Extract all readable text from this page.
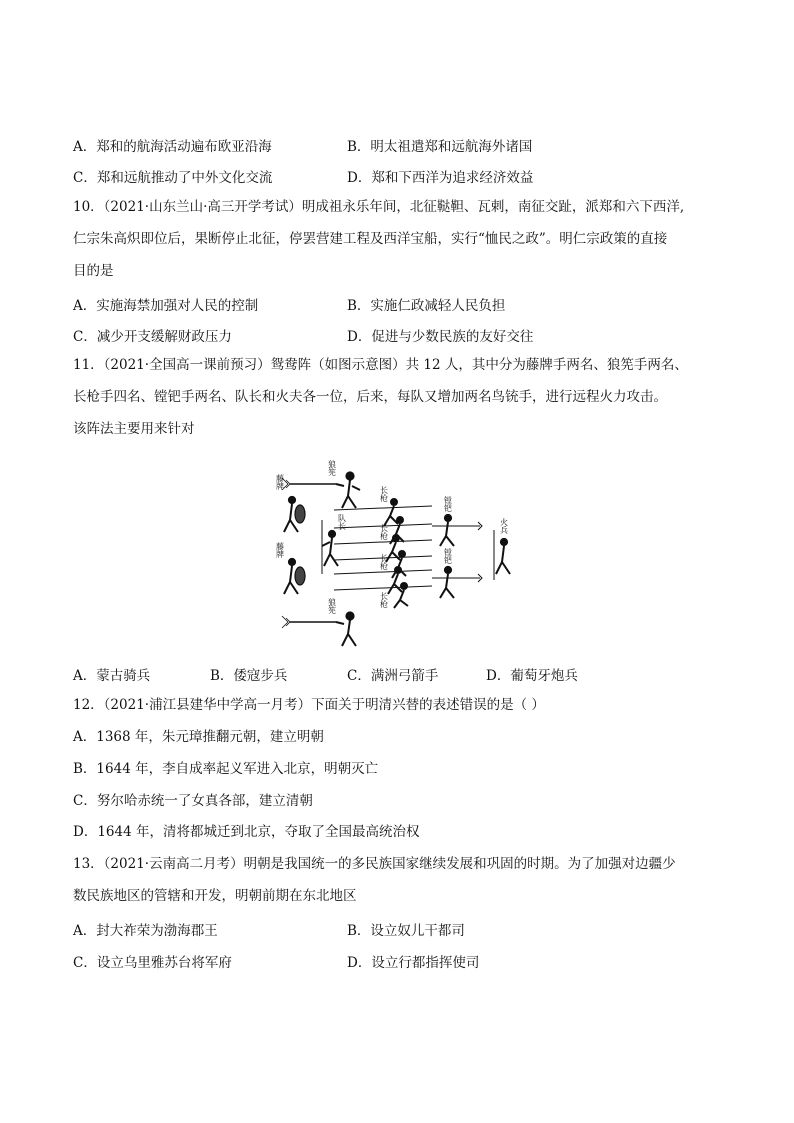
A．郑和的航海活动遍布欧亚沿海	B．明太祖遣郑和远航海外诸国
C．郑和远航推动了中外文化交流	D．郑和下西洋为追求经济效益
10．（2021·山东兰山·高三开学考试）明成祖永乐年间，北征鞑靼、瓦剌，南征交趾，派郑和六下西洋,
仁宗朱高炽即位后，果断停止北征，停罢营建工程及西洋宝船，实行“恤民之政”。明仁宗政策的直接
目的是
A．实施海禁加强对人民的控制	B．实施仁政减轻人民负担
C．减少开支缓解财政压力	D．促进与少数民族的友好交往
11．（2021·全国高一课前预习）鸳鸯阵（如图示意图）共 12 人，其中分为藤牌手两名、狼筅手两名、
长枪手四名、镗钯手两名、队长和火夫各一位，后来，每队又增加两名鸟铳手，进行远程火力攻击。
该阵法主要用来针对
狼筅
藤牌
藤牌
队长
长枪
长枪
长枪
长枪
镗钯
镗钯
火兵
狼筅
A．蒙古骑兵	B．倭寇步兵	C．满洲弓箭手	D．葡萄牙炮兵
12．（2021·浦江县建华中学高一月考）下面关于明清兴替的表述错误的是（ ）
A．1368 年，朱元璋推翻元朝，建立明朝
B．1644 年，李自成率起义军进入北京，明朝灭亡
C．努尔哈赤统一了女真各部，建立清朝
D．1644 年，清将都城迁到北京，夺取了全国最高统治权
13．（2021·云南高二月考）明朝是我国统一的多民族国家继续发展和巩固的时期。为了加强对边疆少
数民族地区的管辖和开发，明朝前期在东北地区
A．封大祚荣为渤海郡王	B．设立奴儿干都司
C．设立乌里雅苏台将军府	D．设立行都指挥使司
